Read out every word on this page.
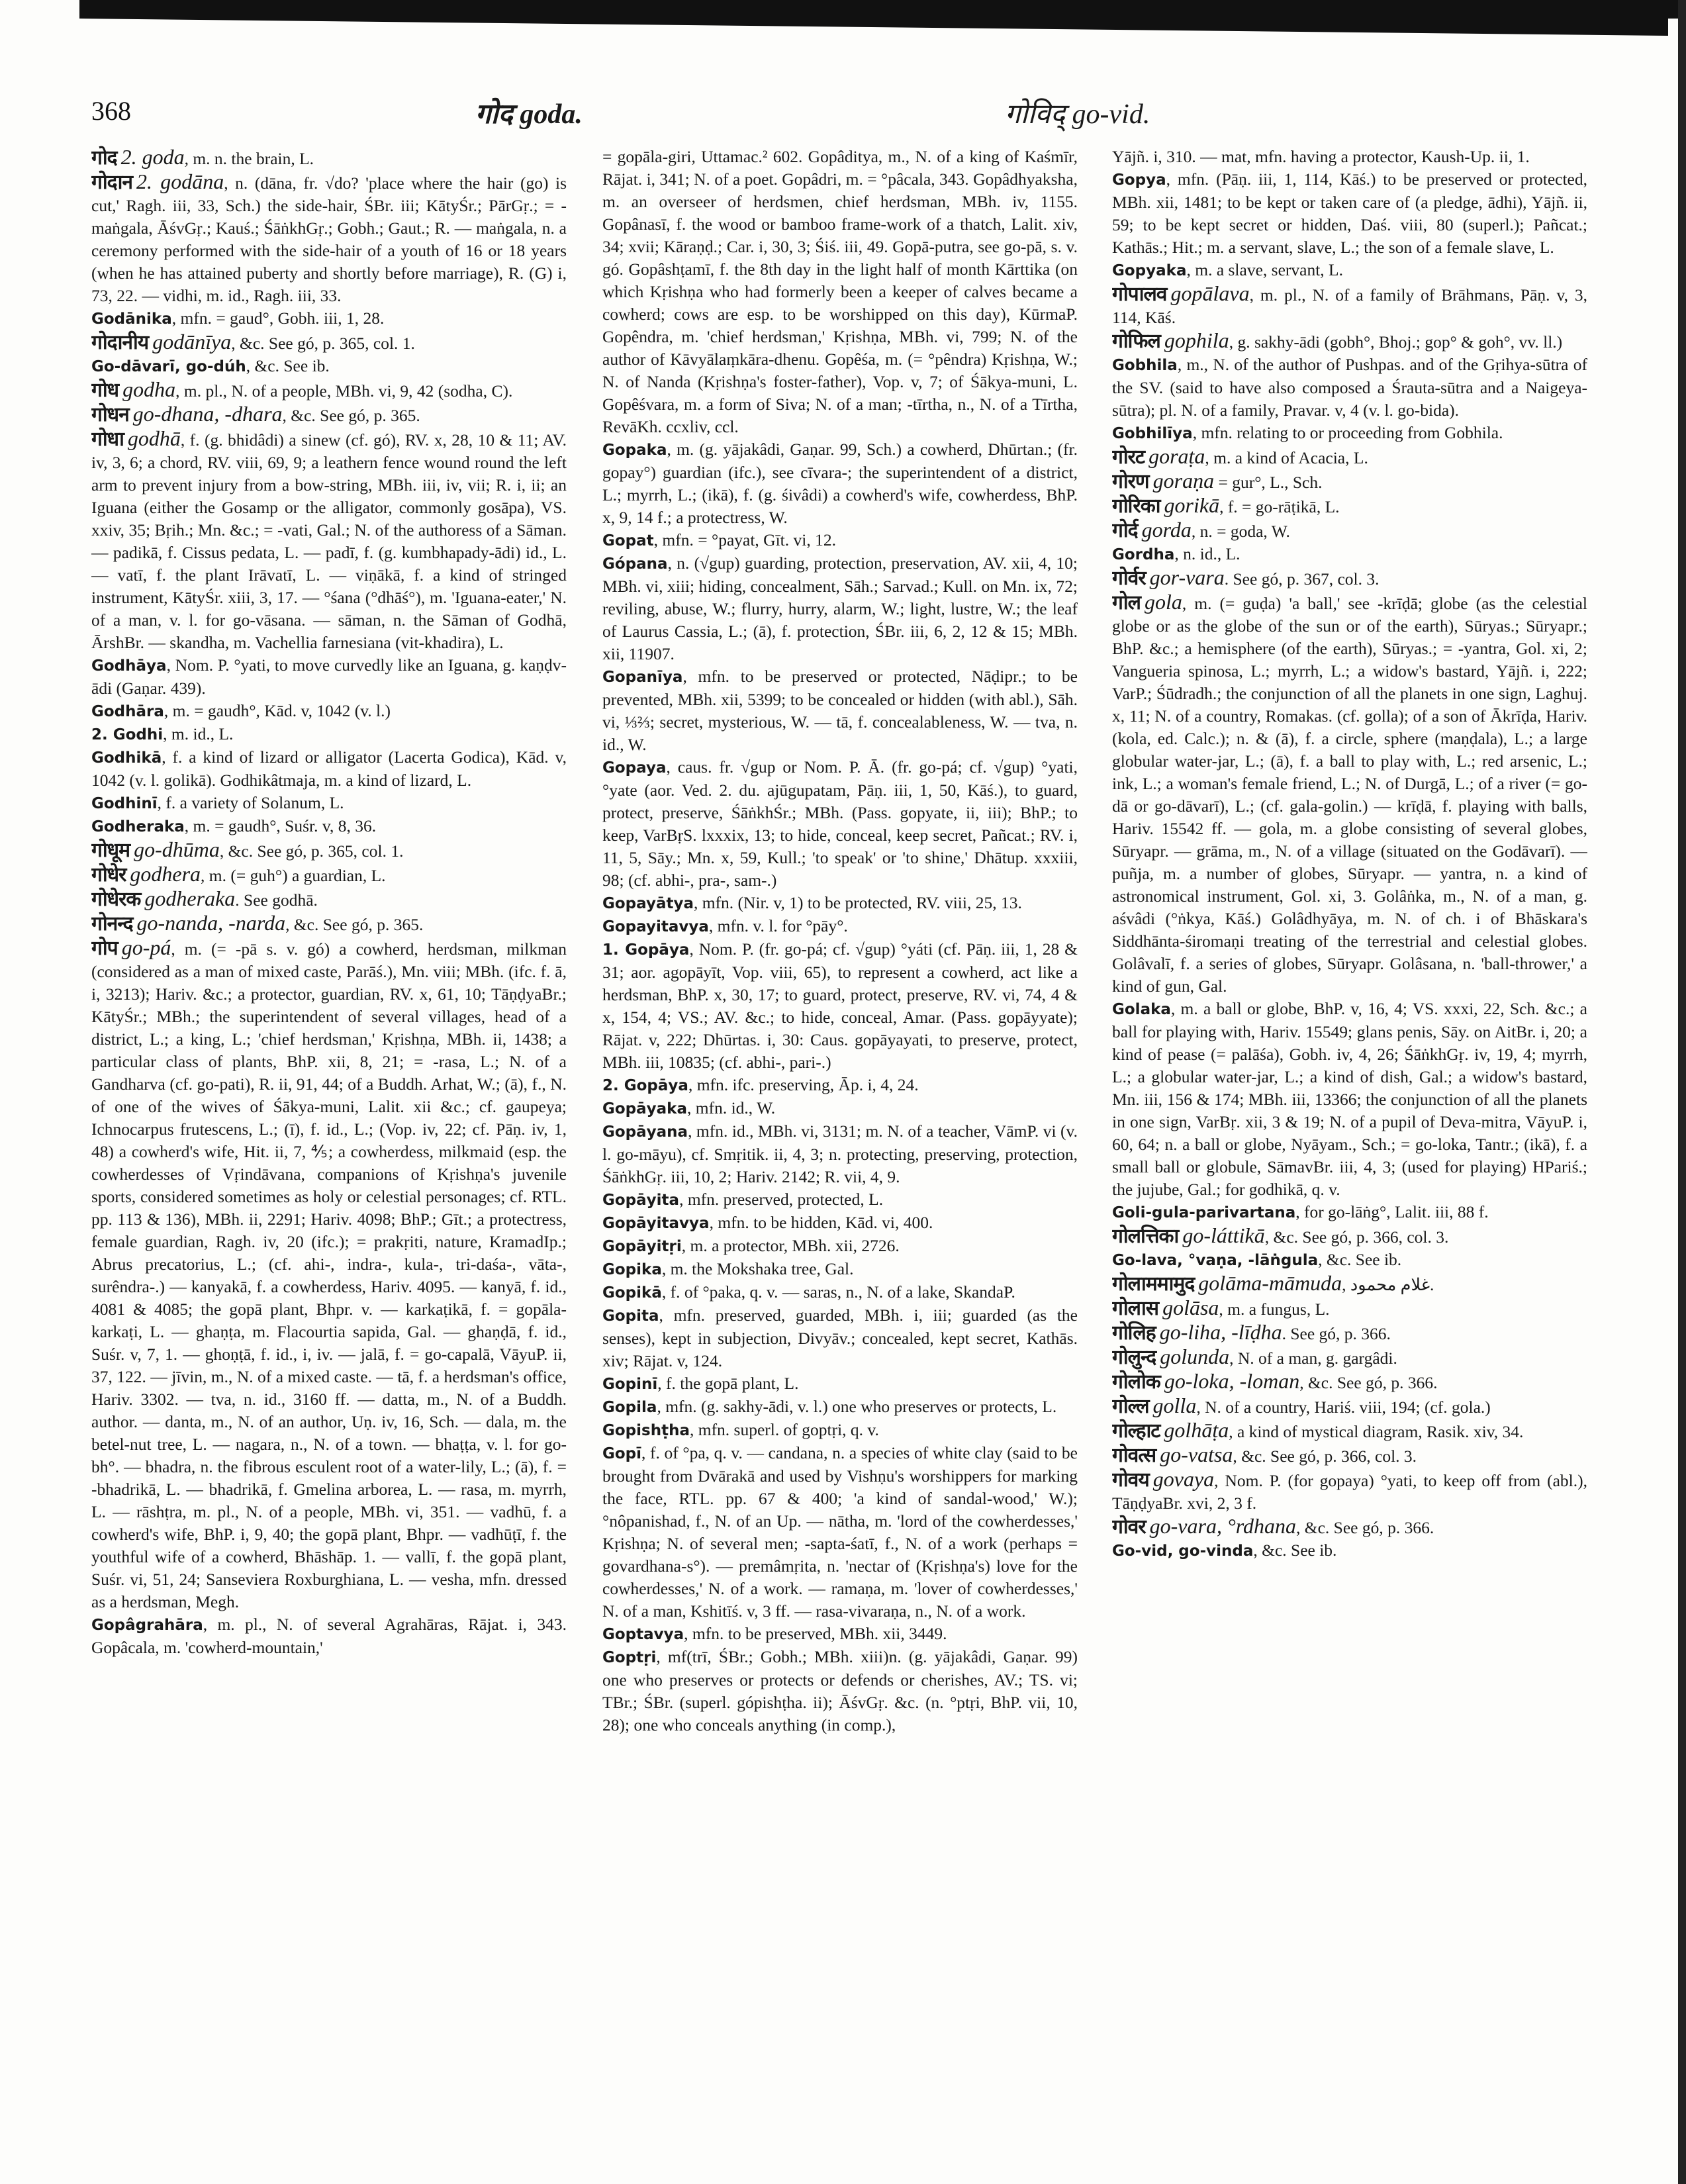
368	गोद goda.	गोविद् go-vid.
गोद 2. goda, m. n. the brain, L.
गोदान 2. godāna, n. (dāna, fr. √do? 'place where the hair (go) is cut,' Ragh. iii, 33, Sch.) the side-hair, ŚBr. iii; KātyŚr.; PārGṛ.; = -maṅgala, ĀśvGṛ.; Kauś.; ŚāṅkhGṛ.; Gobh.; Gaut.; R. — maṅgala, n. a ceremony performed with the side-hair of a youth of 16 or 18 years (when he has attained puberty and shortly before marriage), R. (G) i, 73, 22. — vidhi, m. id., Ragh. iii, 33.
Godānika, mfn. = gaud°, Gobh. iii, 1, 28.
गोदानीय godānīya, &c. See gó, p. 365, col. 1.
Go-dāvarī, go-dúh, &c. See ib.
गोध godha, m. pl., N. of a people, MBh. vi, 9, 42 (sodha, C).
गोधन go-dhana, -dhara, &c. See gó, p. 365.
गोधा godhā, f. (g. bhidâdi) a sinew (cf. gó), RV. x, 28, 10 & 11; AV. iv, 3, 6; a chord, RV. viii, 69, 9; a leathern fence wound round the left arm to prevent injury from a bow-string, MBh. iii, iv, vii; R. i, ii; an Iguana (either the Gosamp or the alligator, commonly gosāpa), VS. xxiv, 35; Bṛih.; Mn. &c.; = -vati, Gal.; N. of the authoress of a Sāman. — padikā, f. Cissus pedata, L. — padī, f. (g. kumbhapady-ādi) id., L. — vatī, f. the plant Irāvatī, L. — viṇākā, f. a kind of stringed instrument, KātyŚr. xiii, 3, 17. — °śana (°dhāś°), m. 'Iguana-eater,' N. of a man, v. l. for go-vāsana. — sāman, n. the Sāman of Godhā, ĀrshBr. — skandha, m. Vachellia farnesiana (vit-khadira), L.
Godhāya, Nom. P. °yati, to move curvedly like an Iguana, g. kaṇḍv-ādi (Gaṇar. 439).
Godhāra, m. = gaudh°, Kād. v, 1042 (v. l.)
2. Godhi, m. id., L.
Godhikā, f. a kind of lizard or alligator (Lacerta Godica), Kād. v, 1042 (v. l. golikā). Godhikâtmaja, m. a kind of lizard, L.
Godhinī, f. a variety of Solanum, L.
Godheraka, m. = gaudh°, Suśr. v, 8, 36.
गोधूम go-dhūma, &c. See gó, p. 365, col. 1.
गोधेर godhera, m. (= guh°) a guardian, L.
गोधेरक godheraka. See godhā.
गोनन्द go-nanda, -narda, &c. See gó, p. 365.
गोप go-pá, m. (= -pā s. v. gó) a cowherd, herdsman, milkman (considered as a man of mixed caste, Parāś.), Mn. viii; MBh. (ifc. f. ā, i, 3213); Hariv. &c.; a protector, guardian, RV. x, 61, 10; TāṇḍyaBr.; KātyŚr.; MBh.; the superintendent of several villages, head of a district, L.; a king, L.; 'chief herdsman,' Kṛishṇa, MBh. ii, 1438; a particular class of plants, BhP. xii, 8, 21; = -rasa, L.; N. of a Gandharva (cf. go-pati), R. ii, 91, 44; of a Buddh. Arhat, W.; (ā), f., N. of one of the wives of Śākya-muni, Lalit. xii &c.; cf. gaupeya; Ichnocarpus frutescens, L.; (ī), f. id., L.; (Vop. iv, 22; cf. Pāṇ. iv, 1, 48) a cowherd's wife, Hit. ii, 7, ⅘; a cowherdess, milkmaid (esp. the cowherdesses of Vṛindāvana, companions of Kṛishṇa's juvenile sports, considered sometimes as holy or celestial personages; cf. RTL. pp. 113 & 136), MBh. ii, 2291; Hariv. 4098; BhP.; Gīt.; a protectress, female guardian, Ragh. iv, 20 (ifc.); = prakṛiti, nature, KramadIp.; Abrus precatorius, L.; (cf. ahi-, indra-, kula-, tri-daśa-, vāta-, surêndra-.) — kanyakā, f. a cowherdess, Hariv. 4095. — kanyā, f. id., 4081 & 4085; the gopā plant, Bhpr. v. — karkaṭikā, f. = gopāla-karkaṭi, L. — ghaṇṭa, m. Flacourtia sapida, Gal. — ghaṇḍā, f. id., Suśr. v, 7, 1. — ghoṇṭā, f. id., i, iv. — jalā, f. = go-capalā, VāyuP. ii, 37, 122. — jīvin, m., N. of a mixed caste. — tā, f. a herdsman's office, Hariv. 3302. — tva, n. id., 3160 ff. — datta, m., N. of a Buddh. author. — danta, m., N. of an author, Uṇ. iv, 16, Sch. — dala, m. the betel-nut tree, L. — nagara, n., N. of a town. — bhaṭṭa, v. l. for go-bh°. — bhadra, n. the fibrous esculent root of a water-lily, L.; (ā), f. = -bhadrikā, L. — bhadrikā, f. Gmelina arborea, L. — rasa, m. myrrh, L. — rāshṭra, m. pl., N. of a people, MBh. vi, 351. — vadhū, f. a cowherd's wife, BhP. i, 9, 40; the gopā plant, Bhpr. — vadhūṭī, f. the youthful wife of a cowherd, Bhāshāp. 1. — vallī, f. the gopā plant, Suśr. vi, 51, 24; Sanseviera Roxburghiana, L. — vesha, mfn. dressed as a herdsman, Megh.
Gopâgrahāra, m. pl., N. of several Agrahāras, Rājat. i, 343. Gopâcala, m. 'cowherd-mountain,'
= gopāla-giri, Uttamac.² 602. Gopâditya, m., N. of a king of Kaśmīr, Rājat. i, 341; N. of a poet. Gopâdri, m. = °pâcala, 343. Gopâdhyaksha, m. an overseer of herdsmen, chief herdsman, MBh. iv, 1155. Gopânasī, f. the wood or bamboo frame-work of a thatch, Lalit. xiv, 34; xvii; Kāraṇḍ.; Car. i, 30, 3; Śiś. iii, 49. Gopā-putra, see go-pā, s. v. gó. Gopâshṭamī, f. the 8th day in the light half of month Kārttika (on which Kṛishṇa who had formerly been a keeper of calves became a cowherd; cows are esp. to be worshipped on this day), KūrmaP. Gopêndra, m. 'chief herdsman,' Kṛishṇa, MBh. vi, 799; N. of the author of Kāvyālaṃkāra-dhenu. Gopêśa, m. (= °pêndra) Kṛishṇa, W.; N. of Nanda (Kṛishṇa's foster-father), Vop. v, 7; of Śākya-muni, L. Gopêśvara, m. a form of Siva; N. of a man; -tīrtha, n., N. of a Tīrtha, RevāKh. ccxliv, ccl.
Gopaka, m. (g. yājakâdi, Gaṇar. 99, Sch.) a cowherd, Dhūrtan.; (fr. gopay°) guardian (ifc.), see cīvara-; the superintendent of a district, L.; myrrh, L.; (ikā), f. (g. śivâdi) a cowherd's wife, cowherdess, BhP. x, 9, 14 f.; a protectress, W.
Gopat, mfn. = °payat, Gīt. vi, 12.
Gópana, n. (√gup) guarding, protection, preservation, AV. xii, 4, 10; MBh. vi, xiii; hiding, concealment, Sāh.; Sarvad.; Kull. on Mn. ix, 72; reviling, abuse, W.; flurry, hurry, alarm, W.; light, lustre, W.; the leaf of Laurus Cassia, L.; (ā), f. protection, ŚBr. iii, 6, 2, 12 & 15; MBh. xii, 11907.
Gopanīya, mfn. to be preserved or protected, Nāḍipr.; to be prevented, MBh. xii, 5399; to be concealed or hidden (with abl.), Sāh. vi, ⅓⅔; secret, mysterious, W. — tā, f. concealableness, W. — tva, n. id., W.
Gopaya, caus. fr. √gup or Nom. P. Ā. (fr. go-pá; cf. √gup) °yati, °yate (aor. Ved. 2. du. ajūgupatam, Pāṇ. iii, 1, 50, Kāś.), to guard, protect, preserve, ŚāṅkhŚr.; MBh. (Pass. gopyate, ii, iii); BhP.; to keep, VarBṛS. lxxxix, 13; to hide, conceal, keep secret, Pañcat.; RV. i, 11, 5, Sāy.; Mn. x, 59, Kull.; 'to speak' or 'to shine,' Dhātup. xxxiii, 98; (cf. abhi-, pra-, sam-.)
Gopayātya, mfn. (Nir. v, 1) to be protected, RV. viii, 25, 13.
Gopayitavya, mfn. v. l. for °pāy°.
1. Gopāya, Nom. P. (fr. go-pá; cf. √gup) °yáti (cf. Pāṇ. iii, 1, 28 & 31; aor. agopāyīt, Vop. viii, 65), to represent a cowherd, act like a herdsman, BhP. x, 30, 17; to guard, protect, preserve, RV. vi, 74, 4 & x, 154, 4; VS.; AV. &c.; to hide, conceal, Amar. (Pass. gopāyyate); Rājat. v, 222; Dhūrtas. i, 30: Caus. gopāyayati, to preserve, protect, MBh. iii, 10835; (cf. abhi-, pari-.)
2. Gopāya, mfn. ifc. preserving, Āp. i, 4, 24.
Gopāyaka, mfn. id., W.
Gopāyana, mfn. id., MBh. vi, 3131; m. N. of a teacher, VāmP. vi (v. l. go-māyu), cf. Smṛitik. ii, 4, 3; n. protecting, preserving, protection, ŚāṅkhGṛ. iii, 10, 2; Hariv. 2142; R. vii, 4, 9.
Gopāyita, mfn. preserved, protected, L.
Gopāyitavya, mfn. to be hidden, Kād. vi, 400.
Gopāyitṛi, m. a protector, MBh. xii, 2726.
Gopika, m. the Mokshaka tree, Gal.
Gopikā, f. of °paka, q. v. — saras, n., N. of a lake, SkandaP.
Gopita, mfn. preserved, guarded, MBh. i, iii; guarded (as the senses), kept in subjection, Divyāv.; concealed, kept secret, Kathās. xiv; Rājat. v, 124.
Gopinī, f. the gopā plant, L.
Gopila, mfn. (g. sakhy-ādi, v. l.) one who preserves or protects, L.
Gopishṭha, mfn. superl. of goptṛi, q. v.
Gopī, f. of °pa, q. v. — candana, n. a species of white clay (said to be brought from Dvārakā and used by Vishṇu's worshippers for marking the face, RTL. pp. 67 & 400; 'a kind of sandal-wood,' W.); °nôpanishad, f., N. of an Up. — nātha, m. 'lord of the cowherdesses,' Kṛishṇa; N. of several men; -sapta-śatī, f., N. of a work (perhaps = govardhana-s°). — premâmṛita, n. 'nectar of (Kṛishṇa's) love for the cowherdesses,' N. of a work. — ramaṇa, m. 'lover of cowherdesses,' N. of a man, Kshitīś. v, 3 ff. — rasa-vivaraṇa, n., N. of a work.
Goptavya, mfn. to be preserved, MBh. xii, 3449.
Goptṛi, mf(trī, ŚBr.; Gobh.; MBh. xiii)n. (g. yājakâdi, Gaṇar. 99) one who preserves or protects or defends or cherishes, AV.; TS. vi; TBr.; ŚBr. (superl. gópishṭha. ii); ĀśvGṛ. &c. (n. °ptṛi, BhP. vii, 10, 28); one who conceals anything (in comp.),
Yājñ. i, 310. — mat, mfn. having a protector, Kaush-Up. ii, 1.
Gopya, mfn. (Pāṇ. iii, 1, 114, Kāś.) to be preserved or protected, MBh. xii, 1481; to be kept or taken care of (a pledge, ādhi), Yājñ. ii, 59; to be kept secret or hidden, Daś. viii, 80 (superl.); Pañcat.; Kathās.; Hit.; m. a servant, slave, L.; the son of a female slave, L.
Gopyaka, m. a slave, servant, L.
गोपालव gopālava, m. pl., N. of a family of Brāhmans, Pāṇ. v, 3, 114, Kāś.
गोफिल gophila, g. sakhy-ādi (gobh°, Bhoj.; gop° & goh°, vv. ll.)
Gobhila, m., N. of the author of Pushpas. and of the Gṛihya-sūtra of the SV. (said to have also composed a Śrauta-sūtra and a Naigeya-sūtra); pl. N. of a family, Pravar. v, 4 (v. l. go-bida).
Gobhilīya, mfn. relating to or proceeding from Gobhila.
गोरट goraṭa, m. a kind of Acacia, L.
गोरण goraṇa = gur°, L., Sch.
गोरिका gorikā, f. = go-rāṭikā, L.
गोर्द gorda, n. = goda, W.
Gordha, n. id., L.
गोर्वर gor-vara. See gó, p. 367, col. 3.
गोल gola, m. (= guḍa) 'a ball,' see -krīḍā; globe (as the celestial globe or as the globe of the sun or of the earth), Sūryas.; Sūryapr.; BhP. &c.; a hemisphere (of the earth), Sūryas.; = -yantra, Gol. xi, 2; Vangueria spinosa, L.; myrrh, L.; a widow's bastard, Yājñ. i, 222; VarP.; Śūdradh.; the conjunction of all the planets in one sign, Laghuj. x, 11; N. of a country, Romakas. (cf. golla); of a son of Ākrīḍa, Hariv. (kola, ed. Calc.); n. & (ā), f. a circle, sphere (maṇḍala), L.; a large globular water-jar, L.; (ā), f. a ball to play with, L.; red arsenic, L.; ink, L.; a woman's female friend, L.; N. of Durgā, L.; of a river (= go-dā or go-dāvarī), L.; (cf. gala-golin.) — krīḍā, f. playing with balls, Hariv. 15542 ff. — gola, m. a globe consisting of several globes, Sūryapr. — grāma, m., N. of a village (situated on the Godāvarī). — puñja, m. a number of globes, Sūryapr. — yantra, n. a kind of astronomical instrument, Gol. xi, 3. Golâṅka, m., N. of a man, g. aśvâdi (°ṅkya, Kāś.) Golâdhyāya, m. N. of ch. i of Bhāskara's Siddhānta-śiromaṇi treating of the terrestrial and celestial globes. Golâvalī, f. a series of globes, Sūryapr. Golâsana, n. 'ball-thrower,' a kind of gun, Gal.
Golaka, m. a ball or globe, BhP. v, 16, 4; VS. xxxi, 22, Sch. &c.; a ball for playing with, Hariv. 15549; glans penis, Sāy. on AitBr. i, 20; a kind of pease (= palāśa), Gobh. iv, 4, 26; ŚāṅkhGṛ. iv, 19, 4; myrrh, L.; a globular water-jar, L.; a kind of dish, Gal.; a widow's bastard, Mn. iii, 156 & 174; MBh. iii, 13366; the conjunction of all the planets in one sign, VarBṛ. xii, 3 & 19; N. of a pupil of Deva-mitra, VāyuP. i, 60, 64; n. a ball or globe, Nyāyam., Sch.; = go-loka, Tantr.; (ikā), f. a small ball or globule, SāmavBr. iii, 4, 3; (used for playing) HPariś.; the jujube, Gal.; for godhikā, q. v.
Goli-gula-parivartana, for go-lāṅg°, Lalit. iii, 88 f.
गोलत्तिका go-láttikā, &c. See gó, p. 366, col. 3.
Go-lava, °vaṇa, -lāṅgula, &c. See ib.
गोलाममामुद golāma-māmuda, غلام محمود.
गोलास golāsa, m. a fungus, L.
गोलिह go-liha, -līḍha. See gó, p. 366.
गोलुन्द golunda, N. of a man, g. gargâdi.
गोलोक go-loka, -loman, &c. See gó, p. 366.
गोल्ल golla, N. of a country, Hariś. viii, 194; (cf. gola.)
गोल्हाट golhāṭa, a kind of mystical diagram, Rasik. xiv, 34.
गोवत्स go-vatsa, &c. See gó, p. 366, col. 3.
गोवय govaya, Nom. P. (for gopaya) °yati, to keep off from (abl.), TāṇḍyaBr. xvi, 2, 3 f.
गोवर go-vara, °rdhana, &c. See gó, p. 366.
Go-vid, go-vinda, &c. See ib.
